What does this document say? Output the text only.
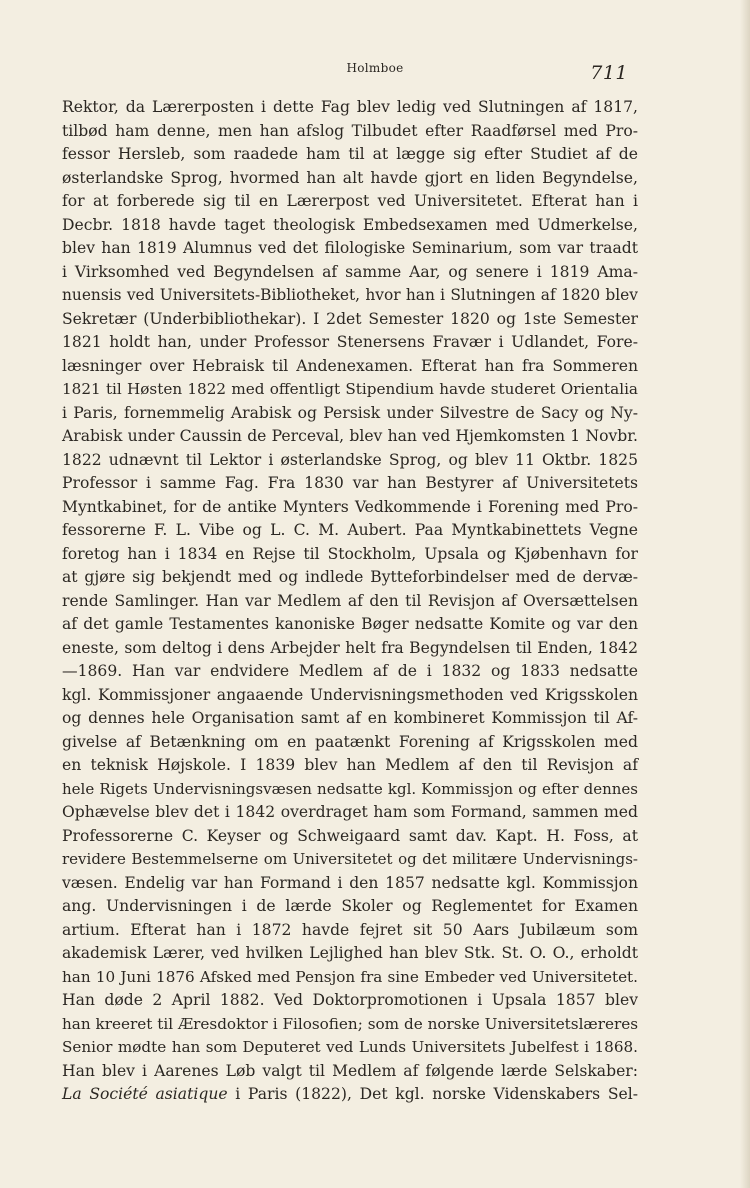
Holmboe	711
Rektor, da Lærerposten i dette Fag blev ledig ved Slutningen af 1817,
tilbød ham denne, men han afslog Tilbudet efter Raadførsel med Pro-
fessor Hersleb, som raadede ham til at lægge sig efter Studiet af de
østerlandske Sprog, hvormed han alt havde gjort en liden Begyndelse,
for at forberede sig til en Lærerpost ved Universitetet. Efterat han i
Decbr. 1818 havde taget theologisk Embedsexamen med Udmerkelse,
blev han 1819 Alumnus ved det filologiske Seminarium, som var traadt
i Virksomhed ved Begyndelsen af samme Aar, og senere i 1819 Ama-
nuensis ved Universitets-Bibliotheket, hvor han i Slutningen af 1820 blev
Sekretær (Underbibliothekar). I 2det Semester 1820 og 1ste Semester
1821 holdt han, under Professor Stenersens Fravær i Udlandet, Fore-
læsninger over Hebraisk til Andenexamen. Efterat han fra Sommeren
1821 til Høsten 1822 med offentligt Stipendium havde studeret Orientalia
i Paris, fornemmelig Arabisk og Persisk under Silvestre de Sacy og Ny-
Arabisk under Caussin de Perceval, blev han ved Hjemkomsten 1 Novbr.
1822 udnævnt til Lektor i østerlandske Sprog, og blev 11 Oktbr. 1825
Professor i samme Fag. Fra 1830 var han Bestyrer af Universitetets
Myntkabinet, for de antike Mynters Vedkommende i Forening med Pro-
fessorerne F. L. Vibe og L. C. M. Aubert. Paa Myntkabinettets Vegne
foretog han i 1834 en Rejse til Stockholm, Upsala og Kjøbenhavn for
at gjøre sig bekjendt med og indlede Bytteforbindelser med de dervæ-
rende Samlinger. Han var Medlem af den til Revisjon af Oversættelsen
af det gamle Testamentes kanoniske Bøger nedsatte Komite og var den
eneste, som deltog i dens Arbejder helt fra Begyndelsen til Enden, 1842
—1869. Han var endvidere Medlem af de i 1832 og 1833 nedsatte
kgl. Kommissjoner angaaende Undervisningsmethoden ved Krigsskolen
og dennes hele Organisation samt af en kombineret Kommissjon til Af-
givelse af Betænkning om en paatænkt Forening af Krigsskolen med
en teknisk Højskole. I 1839 blev han Medlem af den til Revisjon af
hele Rigets Undervisningsvæsen nedsatte kgl. Kommissjon og efter dennes
Ophævelse blev det i 1842 overdraget ham som Formand, sammen med
Professorerne C. Keyser og Schweigaard samt dav. Kapt. H. Foss, at
revidere Bestemmelserne om Universitetet og det militære Undervisnings-
væsen. Endelig var han Formand i den 1857 nedsatte kgl. Kommissjon
ang. Undervisningen i de lærde Skoler og Reglementet for Examen
artium. Efterat han i 1872 havde fejret sit 50 Aars Jubilæum som
akademisk Lærer, ved hvilken Lejlighed han blev Stk. St. O. O., erholdt
han 10 Juni 1876 Afsked med Pensjon fra sine Embeder ved Universitetet.
Han døde 2 April 1882. Ved Doktorpromotionen i Upsala 1857 blev
han kreeret til Æresdoktor i Filosofien; som de norske Universitetslæreres
Senior mødte han som Deputeret ved Lunds Universitets Jubelfest i 1868.
Han blev i Aarenes Løb valgt til Medlem af følgende lærde Selskaber:
La Société asiatique i Paris (1822), Det kgl. norske Videnskabers Sel-
